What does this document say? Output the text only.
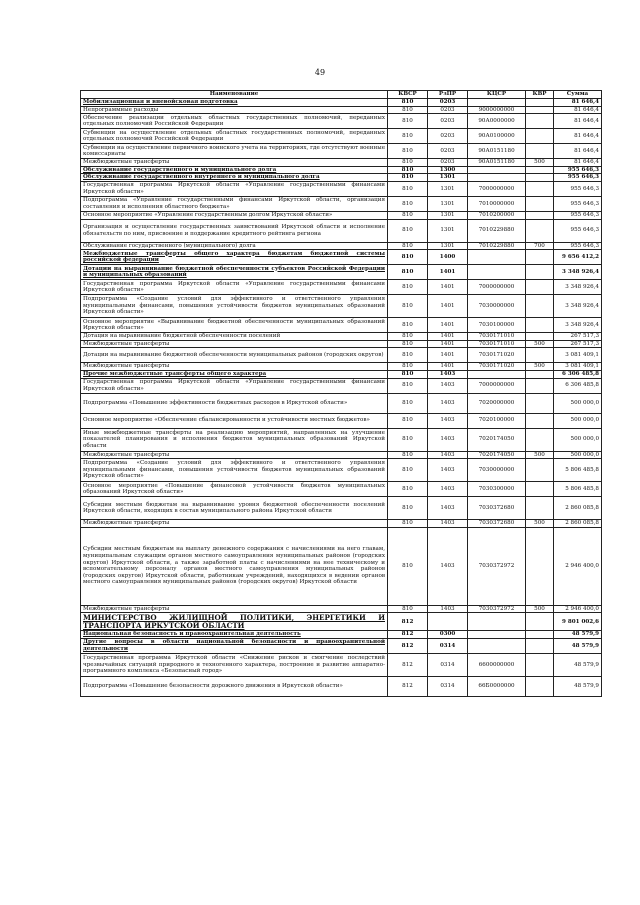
49
Наименование	КВСР	РзПР	КЦСР	КВР	Сумма
Мобилизационная и вневойсковая подготовка	810	0203			81 646,4
Непрограммные расходы	810	0203	9000000000		81 646,4
Обеспечение реализации отдельных областных государственных полномочий, переданных отдельных полномочий Российской Федерации	810	0203	90А0000000		81 646,4
Субвенции на осуществление отдельных областных государственных полномочий, переданных отдельных полномочий Российской Федерации	810	0203	90А0100000		81 646,4
Субвенции на осуществление первичного воинского учета на территориях, где отсутствуют военные комиссариаты	810	0203	90А0151180		81 646,4
Межбюджетные трансферты	810	0203	90А0151180	500	81 646,4
Обслуживание государственного и муниципального долга	810	1300			955 646,3
Обслуживание государственного внутреннего и муниципального долга	810	1301			955 646,3
Государственная программа Иркутской области «Управление государственными финансами Иркутской области»	810	1301	7000000000		955 646,3
Подпрограмма «Управление государственными финансами Иркутской области, организация составления и исполнения областного бюджета»	810	1301	7010000000		955 646,3
Основное мероприятие «Управление государственным долгом Иркутской области»	810	1301	7010200000		955 646,3
Организация и осуществление государственных заимствований Иркутской области и исполнение обязательств по ним, присвоение и поддержание кредитного рейтинга региона	810	1301	7010229880		955 646,3
Обслуживание государственного (муниципального) долга	810	1301	7010229880	700	955 646,3
Межбюджетные трансферты общего характера бюджетам бюджетной системы российской федерации	810	1400			9 656 412,2
Дотации на выравнивание бюджетной обеспеченности субъектов Российской Федерации и муниципальных образований	810	1401			3 348 926,4
Государственная программа Иркутской области «Управление государственными финансами Иркутской области»	810	1401	7000000000		3 348 926,4
Подпрограмма «Создание условий для эффективного и ответственного управления муниципальными финансами, повышения устойчивости бюджетов муниципальных образований Иркутской области»	810	1401	7030000000		3 348 926,4
Основное мероприятие «Выравнивание бюджетной обеспеченности муниципальных образований Иркутской области»	810	1401	7030100000		3 348 926,4
Дотация на выравнивание бюджетной обеспеченности поселений	810	1401	7030171010		267 517,3
Межбюджетные трансферты	810	1401	7030171010	500	267 517,3
Дотации на выравнивание бюджетной обеспеченности муниципальных районов (городских округов)	810	1401	7030171020		3 081 409,1
Межбюджетные трансферты	810	1401	7030171020	500	3 081 409,1
Прочие межбюджетные трансферты общего характера	810	1403			6 306 485,8
Государственная программа Иркутской области «Управление государственными финансами Иркутской области»	810	1403	7000000000		6 306 485,8
Подпрограмма «Повышение эффективности бюджетных расходов в Иркутской области»	810	1403	7020000000		500 000,0
Основное мероприятие «Обеспечение сбалансированности и устойчивости местных бюджетов»	810	1403	7020100000		500 000,0
Иные межбюджетные трансферты на реализацию мероприятий, направленных на улучшение показателей планирования и исполнения бюджетов муниципальных образований Иркутской области	810	1403	7020174050		500 000,0
Межбюджетные трансферты	810	1403	7020174050	500	500 000,0
Подпрограмма «Создание условий для эффективного и ответственного управления муниципальными финансами, повышения устойчивости бюджетов муниципальных образований Иркутской области»	810	1403	7030000000		5 806 485,8
Основное мероприятие «Повышение финансовой устойчивости бюджетов муниципальных образований Иркутской области»	810	1403	7030300000		5 806 485,8
Субсидии местным бюджетам на выравнивание уровня бюджетной обеспеченности поселений Иркутской области, входящих в состав муниципального района Иркутской области	810	1403	7030372680		2 860 085,8
Межбюджетные трансферты	810	1403	7030372680	500	2 860 085,8
Субсидии местным бюджетам на выплату денежного содержания с начислениями на него главам, муниципальным служащим органов местного самоуправления муниципальных районов (городских округов) Иркутской области, а также заработной платы с начислениями на нее техническому и вспомогательному персоналу органов местного самоуправления муниципальных районов (городских округов) Иркутской области, работникам учреждений, находящихся в ведении органов местного самоуправления муниципальных районов (городских округов) Иркутской области	810	1403	7030372972		2 946 400,0
Межбюджетные трансферты	810	1403	7030372972	500	2 946 400,0
МИНИСТЕРСТВО ЖИЛИЩНОЙ ПОЛИТИКИ, ЭНЕРГЕТИКИ И ТРАНСПОРТА ИРКУТСКОЙ ОБЛАСТИ	812				9 801 002,6
Национальная безопасность и правоохранительная деятельность	812	0300			48 579,9
Другие вопросы в области национальной безопасности и правоохранительной деятельности	812	0314			48 579,9
Государственная программа Иркутской области «Снижение рисков и смягчение последствий чрезвычайных ситуаций природного и техногенного характера, построение и развитие аппаратно-программного комплекса «Безопасный город»	812	0314	6600000000		48 579,9
Подпрограмма «Повышение безопасности дорожного движения в Иркутской области»	812	0314	66Б0000000		48 579,9
